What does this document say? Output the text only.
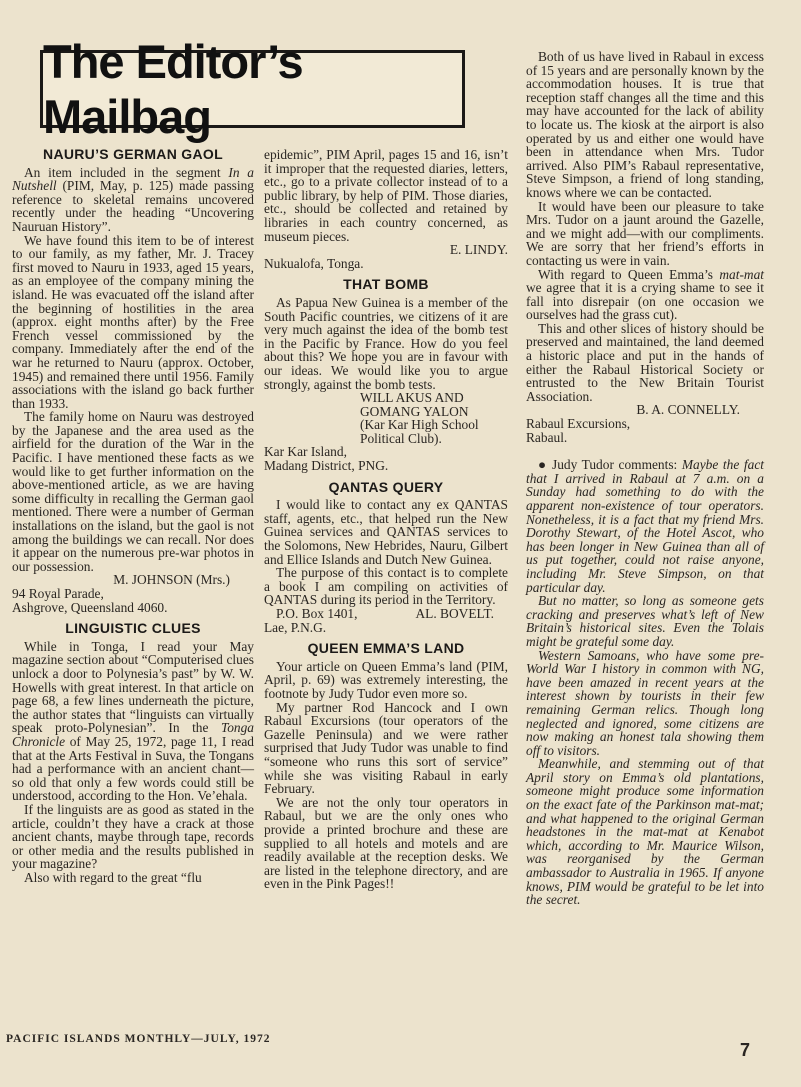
The Editor’s Mailbag
NAURU’S GERMAN GAOL

An item included in the segment In a Nutshell (PIM, May, p. 125) made passing reference to skeletal remains uncovered recently under the heading “Uncovering Nauruan History”.

We have found this item to be of interest to our family, as my father, Mr. J. Tracey first moved to Nauru in 1933, aged 15 years, as an employee of the company mining the island. He was evacuated off the island after the beginning of hostilities in the area (approx. eight months after) by the Free French vessel commissioned by the company. Immediately after the end of the war he returned to Nauru (approx. October, 1945) and remained there until 1956. Family associations with the island go back further than 1933.

The family home on Nauru was destroyed by the Japanese and the area used as the airfield for the duration of the War in the Pacific. I have mentioned these facts as we would like to get further information on the above-mentioned article, as we are having some difficulty in recalling the German gaol mentioned. There were a number of German installations on the island, but the gaol is not among the buildings we can recall. Nor does it appear on the numerous pre-war photos in our possession.

M. JOHNSON (Mrs.)

94 Royal Parade,

Ashgrove, Queensland 4060.

LINGUISTIC CLUES

While in Tonga, I read your May magazine section about “Computerised clues unlock a door to Polynesia’s past” by W. W. Howells with great interest. In that article on page 68, a few lines underneath the picture, the author states that “linguists can virtually speak proto-Polynesian”. In the Tonga Chronicle of May 25, 1972, page 11, I read that at the Arts Festival in Suva, the Tongans had a performance with an ancient chant—so old that only a few words could still be understood, according to the Hon. Ve’ehala.

If the linguists are as good as stated in the article, couldn’t they have a crack at those ancient chants, maybe through tape, records or other media and the results published in your magazine?

Also with regard to the great “flu

epidemic”, PIM April, pages 15 and 16, isn’t it improper that the requested diaries, letters, etc., go to a private collector instead of to a public library, by help of PIM. Those diaries, etc., should be collected and retained by libraries in each country concerned, as museum pieces.

E. LINDY.

Nukualofa, Tonga.

THAT BOMB

As Papua New Guinea is a member of the South Pacific countries, we citizens of it are very much against the idea of the bomb test in the Pacific by France. How do you feel about this? We hope you are in favour with our ideas. We would like you to argue strongly, against the bomb tests.

WILL AKUS AND

GOMANG YALON

(Kar Kar High School

Political Club).

Kar Kar Island,

Madang District, PNG.

QANTAS QUERY

I would like to contact any ex QANTAS staff, agents, etc., that helped run the New Guinea services and QANTAS services to the Solomons, New Hebrides, Nauru, Gilbert and Ellice Islands and Dutch New Guinea.

The purpose of this contact is to complete a book I am compiling on activities of QANTAS during its period in the Territory.

P.O. Box 1401,	AL. BOVELT.

Lae, P.N.G.

QUEEN EMMA’S LAND

Your article on Queen Emma’s land (PIM, April, p. 69) was extremely interesting, the footnote by Judy Tudor even more so.

My partner Rod Hancock and I own Rabaul Excursions (tour operators of the Gazelle Peninsula) and we were rather surprised that Judy Tudor was unable to find “someone who runs this sort of service” while she was visiting Rabaul in early February.

We are not the only tour operators in Rabaul, but we are the only ones who provide a printed brochure and these are supplied to all hotels and motels and are readily available at the reception desks. We are listed in the telephone directory, and are even in the Pink Pages!!

Both of us have lived in Rabaul in excess of 15 years and are personally known by the accommodation houses. It is true that reception staff changes all the time and this may have accounted for the lack of ability to locate us. The kiosk at the airport is also operated by us and either one would have been in attendance when Mrs. Tudor arrived. Also PIM’s Rabaul representative, Steve Simpson, a friend of long standing, knows where we can be contacted.

It would have been our pleasure to take Mrs. Tudor on a jaunt around the Gazelle, and we might add—with our compliments. We are sorry that her friend’s efforts in contacting us were in vain.

With regard to Queen Emma’s mat-mat we agree that it is a crying shame to see it fall into disrepair (on one occasion we ourselves had the grass cut).

This and other slices of history should be preserved and maintained, the land deemed a historic place and put in the hands of either the Rabaul Historical Society or entrusted to the New Britain Tourist Association.

B. A. CONNELLY.

Rabaul Excursions,

Rabaul.

● Judy Tudor comments: Maybe the fact that I arrived in Rabaul at 7 a.m. on a Sunday had something to do with the apparent non-existence of tour operators. Nonetheless, it is a fact that my friend Mrs. Dorothy Stewart, of the Hotel Ascot, who has been longer in New Guinea than all of us put together, could not raise anyone, including Mr. Steve Simpson, on that particular day.

But no matter, so long as someone gets cracking and preserves what’s left of New Britain’s historical sites. Even the Tolais might be grateful some day.

Western Samoans, who have some pre-World War I history in common with NG, have been amazed in recent years at the interest shown by tourists in their few remaining German relics. Though long neglected and ignored, some citizens are now making an honest tala showing them off to visitors.

Meanwhile, and stemming out of that April story on Emma’s old plantations, someone might produce some information on the exact fate of the Parkinson mat-mat; and what happened to the original German headstones in the mat-mat at Kenabot which, according to Mr. Maurice Wilson, was reorganised by the German ambassador to Australia in 1965. If anyone knows, PIM would be grateful to be let into the secret.

PACIFIC ISLANDS MONTHLY—JULY, 1972
7
